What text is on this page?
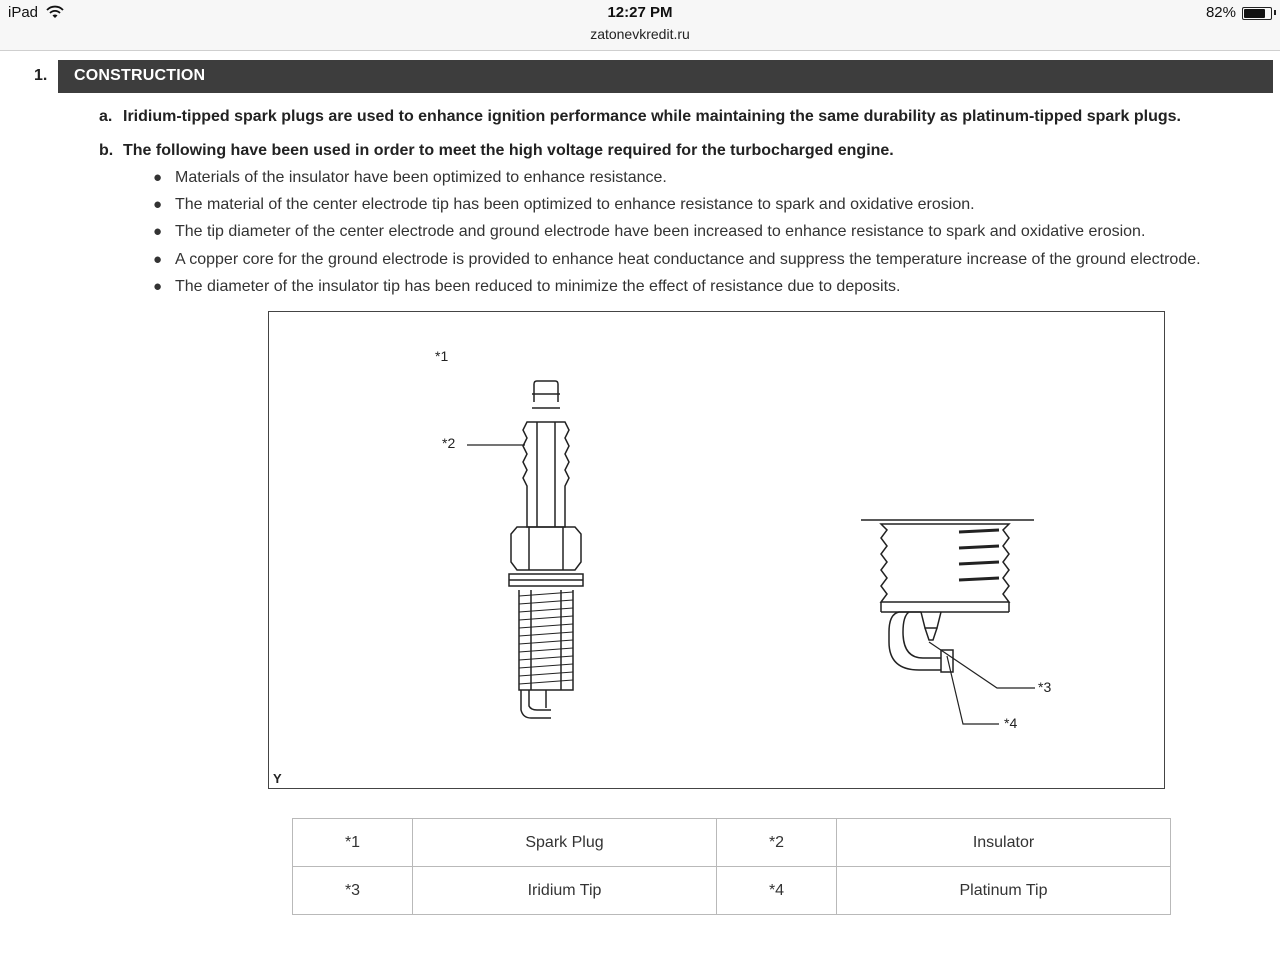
iPad	12:27 PM
zatonevkredit.ru
82%
1. CONSTRUCTION
a. Iridium-tipped spark plugs are used to enhance ignition performance while maintaining the same durability as platinum-tipped spark plugs.
b. The following have been used in order to meet the high voltage required for the turbocharged engine.
● Materials of the insulator have been optimized to enhance resistance.
● The material of the center electrode tip has been optimized to enhance resistance to spark and oxidative erosion.
● The tip diameter of the center electrode and ground electrode have been increased to enhance resistance to spark and oxidative erosion.
● A copper core for the ground electrode is provided to enhance heat conductance and suppress the temperature increase of the ground electrode.
● The diameter of the insulator tip has been reduced to minimize the effect of resistance due to deposits.
*1
*2
*3
*4
Y
*1	Spark Plug	*2	Insulator
*3	Iridium Tip	*4	Platinum Tip
